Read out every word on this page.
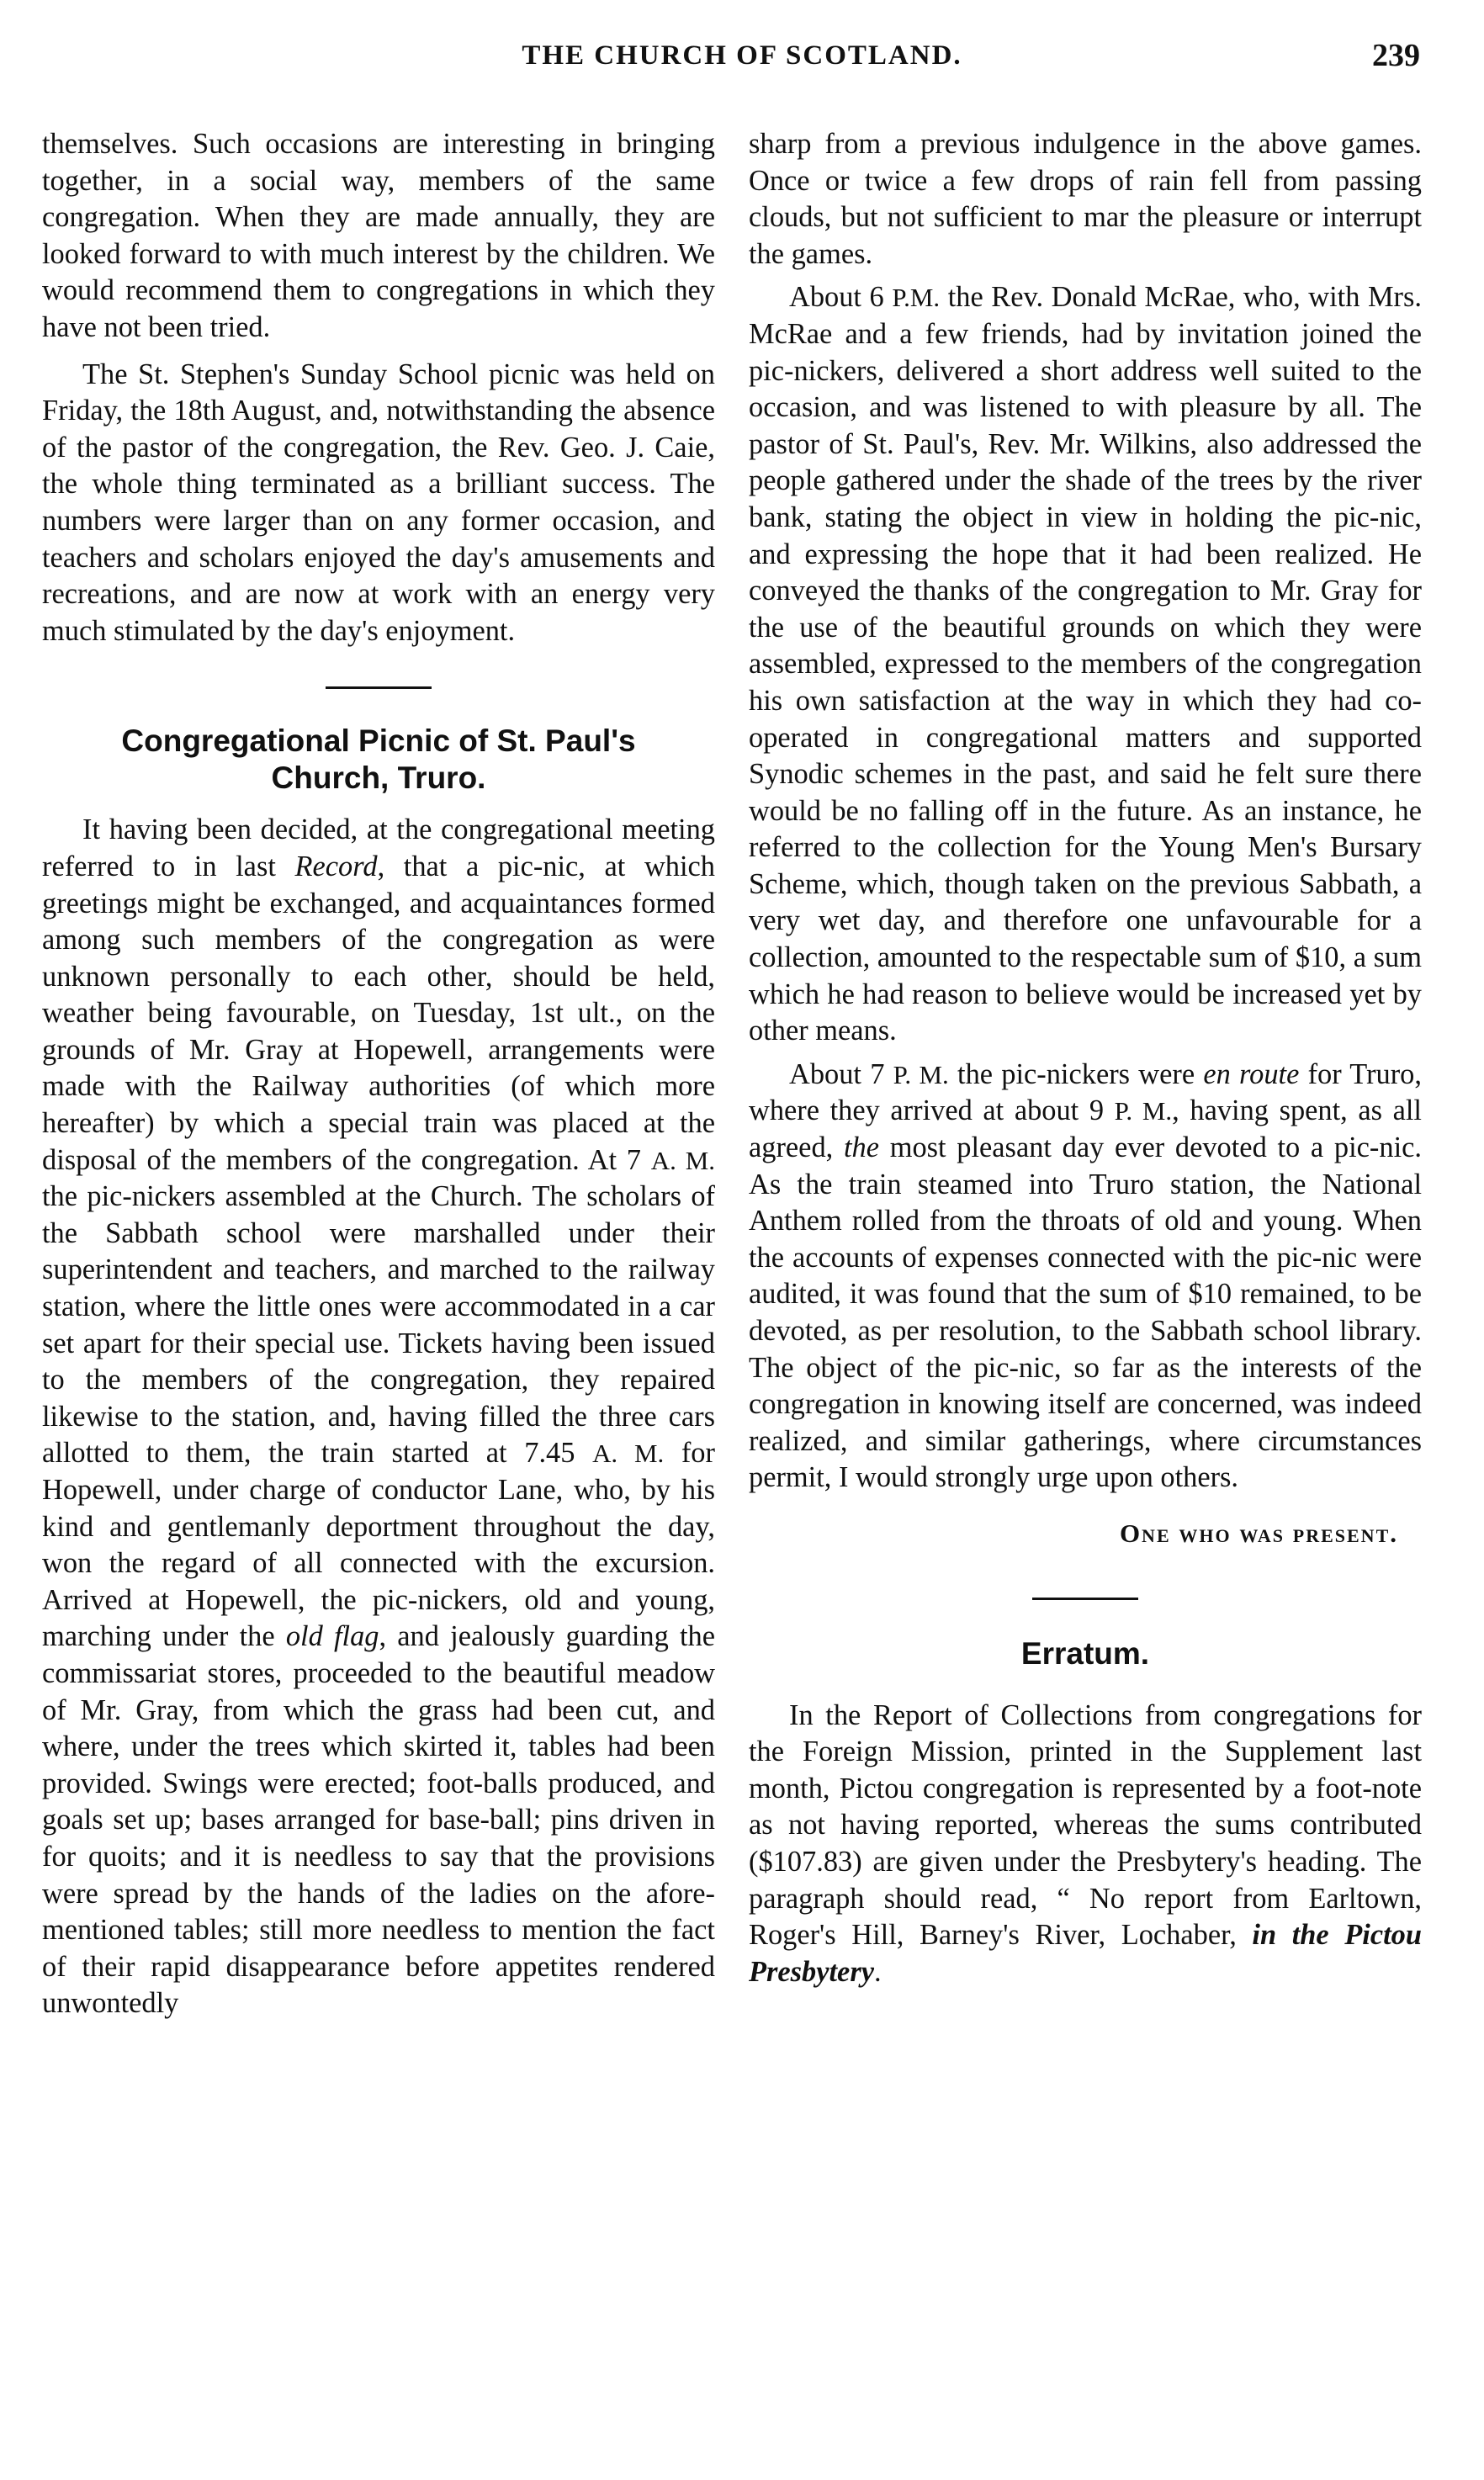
THE CHURCH OF SCOTLAND.	239

themselves. Such occasions are interesting in bringing together, in a social way, members of the same congregation. When they are made annually, they are looked forward to with much interest by the children. We would recommend them to congregations in which they have not been tried.

The St. Stephen's Sunday School picnic was held on Friday, the 18th August, and, notwithstanding the absence of the pastor of the congregation, the Rev. Geo. J. Caie, the whole thing terminated as a brilliant success. The numbers were larger than on any former occasion, and teachers and scholars enjoyed the day's amusements and recreations, and are now at work with an energy very much stimulated by the day's enjoyment.

Congregational Picnic of St. Paul's
Church, Truro.

It having been decided, at the congregational meeting referred to in last Record, that a pic-nic, at which greetings might be exchanged, and acquaintances formed among such members of the congregation as were unknown personally to each other, should be held, weather being favourable, on Tuesday, 1st ult., on the grounds of Mr. Gray at Hopewell, arrangements were made with the Railway authorities (of which more hereafter) by which a special train was placed at the disposal of the members of the congregation. At 7 A. M. the pic-nickers assembled at the Church. The scholars of the Sabbath school were marshalled under their superintendent and teachers, and marched to the railway station, where the little ones were accommodated in a car set apart for their special use. Tickets having been issued to the members of the congregation, they repaired likewise to the station, and, having filled the three cars allotted to them, the train started at 7.45 A. M. for Hopewell, under charge of conductor Lane, who, by his kind and gentlemanly deportment throughout the day, won the regard of all connected with the excursion. Arrived at Hopewell, the pic-nickers, old and young, marching under the old flag, and jealously guarding the commissariat stores, proceeded to the beautiful meadow of Mr. Gray, from which the grass had been cut, and where, under the trees which skirted it, tables had been provided. Swings were erected; foot-balls produced, and goals set up; bases arranged for base-ball; pins driven in for quoits; and it is needless to say that the provisions were spread by the hands of the ladies on the afore-mentioned tables; still more needless to mention the fact of their rapid disappearance before appetites rendered unwontedly

sharp from a previous indulgence in the above games. Once or twice a few drops of rain fell from passing clouds, but not sufficient to mar the pleasure or interrupt the games.

About 6 P.M. the Rev. Donald McRae, who, with Mrs. McRae and a few friends, had by invitation joined the pic-nickers, delivered a short address well suited to the occasion, and was listened to with pleasure by all. The pastor of St. Paul's, Rev. Mr. Wilkins, also addressed the people gathered under the shade of the trees by the river bank, stating the object in view in holding the pic-nic, and expressing the hope that it had been realized. He conveyed the thanks of the congregation to Mr. Gray for the use of the beautiful grounds on which they were assembled, expressed to the members of the congregation his own satisfaction at the way in which they had co-operated in congregational matters and supported Synodic schemes in the past, and said he felt sure there would be no falling off in the future. As an instance, he referred to the collection for the Young Men's Bursary Scheme, which, though taken on the previous Sabbath, a very wet day, and therefore one unfavourable for a collection, amounted to the respectable sum of $10, a sum which he had reason to believe would be increased yet by other means.

About 7 P. M. the pic-nickers were en route for Truro, where they arrived at about 9 P. M., having spent, as all agreed, the most pleasant day ever devoted to a pic-nic. As the train steamed into Truro station, the National Anthem rolled from the throats of old and young. When the accounts of expenses connected with the pic-nic were audited, it was found that the sum of $10 remained, to be devoted, as per resolution, to the Sabbath school library. The object of the pic-nic, so far as the interests of the congregation in knowing itself are concerned, was indeed realized, and similar gatherings, where circumstances permit, I would strongly urge upon others.

One who was present.
Erratum.

In the Report of Collections from congregations for the Foreign Mission, printed in the Supplement last month, Pictou congregation is represented by a foot-note as not having reported, whereas the sums contributed ($107.83) are given under the Presbytery's heading. The paragraph should read, “ No report from Earltown, Roger's Hill, Barney's River, Lochaber, in the Pictou Presbytery.
